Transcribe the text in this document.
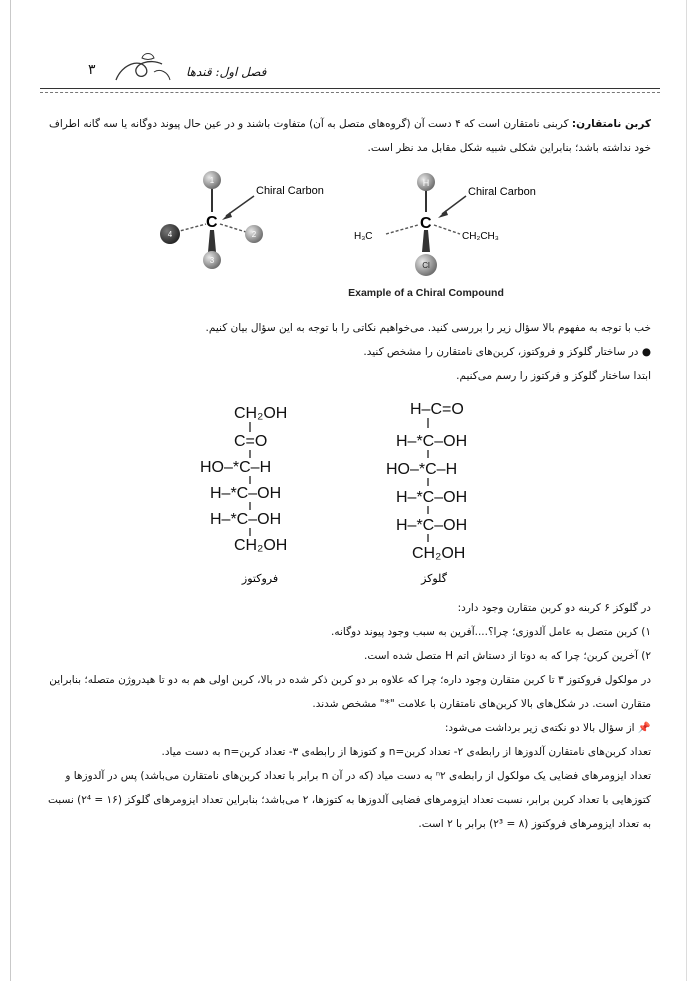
۳	فصل اول: قندها
کربن نامتقارن: کربنی نامتقارن است که ۴ دست آن (گروه‌های متصل به آن) متفاوت باشند و در عین حال پیوند دوگانه یا سه گانه اطراف
خود نداشته باشد؛ بنابراین شکلی شبیه شکل مقابل مد نظر است.
1
2
3
4
C
Chiral Carbon
H
Cl
C
H₃C	CH₂CH₃
Chiral Carbon
Example of a Chiral Compound
خب با توجه به مفهوم بالا سؤال زیر را بررسی کنید. می‌خواهیم نکاتی را با توجه به این سؤال بیان کنیم.
● در ساختار گلوکز و فروکتوز، کربن‌های نامتقارن را مشخص کنید.
ابتدا ساختار گلوکز و فرکتوز را رسم می‌کنیم.
CH₂OH
C=O
HO–*C–H
H–*C–OH
H–*C–OH
CH₂OH
H–C=O
H–*C–OH
HO–*C–H
H–*C–OH
H–*C–OH
CH₂OH
فروکتوز	گلوکز
در گلوکز ۶ کربنه دو کربن متقارن وجود دارد:
۱) کربن متصل به عامل آلدوزی؛ چرا؟....آفرین به سبب وجود پیوند دوگانه.
۲) آخرین کربن؛ چرا که به دوتا از دستاش اتم H متصل شده است.
در مولکول فروکتوز ۳ تا کربن متقارن وجود داره؛ چرا که علاوه بر دو کربن ذکر شده در بالا، کربن اولی هم به دو تا هیدروژن متصله؛ بنابراین
متقارن است. در شکل‌های بالا کربن‌های نامتقارن با علامت "*" مشخص شدند.
📌 از سؤال بالا دو نکته‌ی زیر برداشت می‌شود:
تعداد کربن‌های نامتقارن آلدوزها از رابطه‌ی ۲- تعداد کربن=n و کتوزها از رابطه‌ی ۳- تعداد کربن=n به دست میاد.
تعداد ایزومرهای فضایی یک مولکول از رابطه‌ی ⁿ۲ به دست میاد (که در آن n برابر با تعداد کربن‌های نامتقارن می‌باشد) پس در آلدوزها و
کتوزهایی با تعداد کربن برابر، نسبت تعداد ایزومرهای فضایی آلدوزها به کتوزها، ۲ می‌باشد؛ بنابراین تعداد ایزومرهای گلوکز (۱۶ = ۲⁴) نسبت
به تعداد ایزومرهای فروکتوز (۸ = ۲³) برابر با ۲ است.
